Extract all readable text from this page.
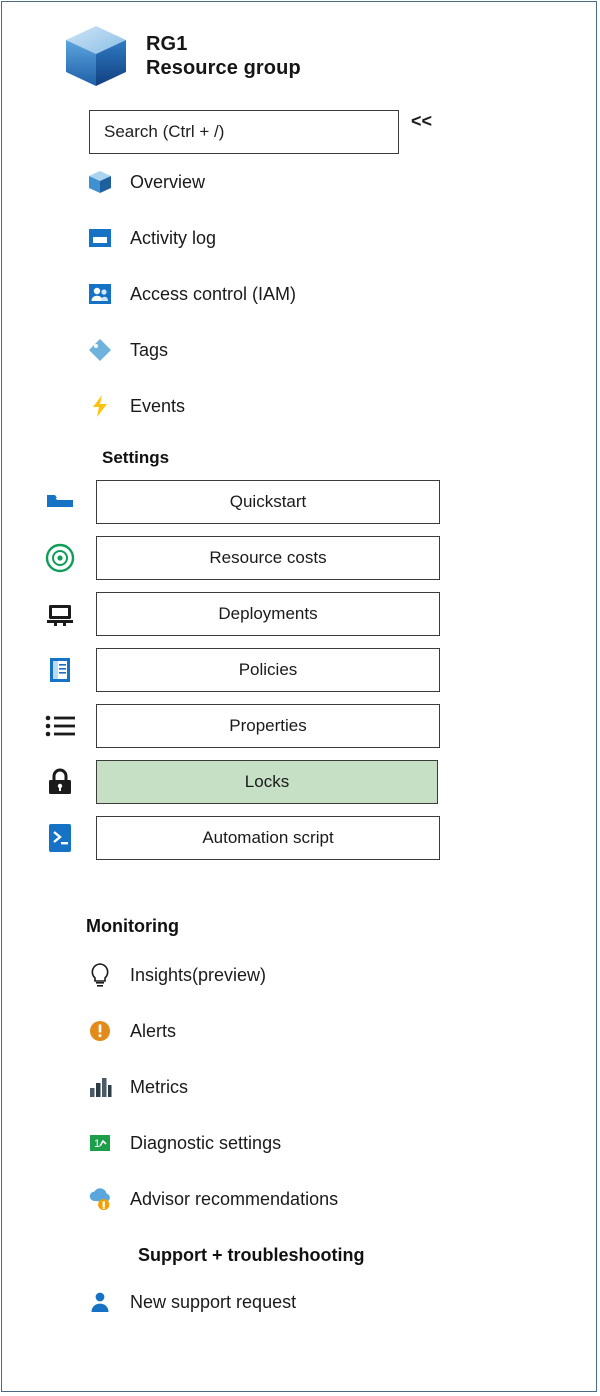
RG1
Resource group
Search (Ctrl + /)
<<
Overview
Activity log
Access control (IAM)
Tags
Events
Settings
Quickstart
Resource costs
Deployments
Policies
Properties
Locks
Automation script
Monitoring
Insights(preview)
Alerts
Metrics
1 Diagnostic settings
Advisor recommendations
Support + troubleshooting
New support request
